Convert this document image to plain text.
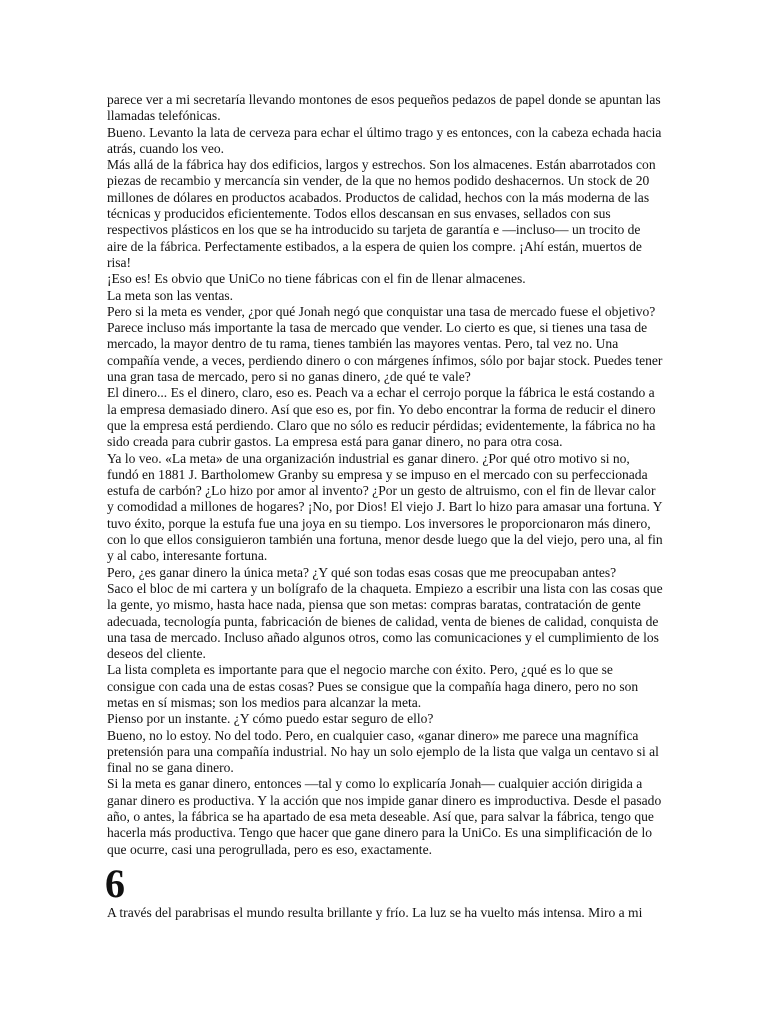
parece ver a mi secretaría llevando montones de esos pequeños pedazos de papel donde se apuntan las llamadas telefónicas.

Bueno. Levanto la lata de cerveza para echar el último trago y es entonces, con la cabeza echada hacia atrás, cuando los veo.

Más allá de la fábrica hay dos edificios, largos y estrechos. Son los almacenes. Están abarrotados con piezas de recambio y mercancía sin vender, de la que no hemos podido deshacernos. Un stock de 20 millones de dólares en productos acabados. Productos de calidad, hechos con la más moderna de las técnicas y producidos eficientemente. Todos ellos descansan en sus envases, sellados con sus respectivos plásticos en los que se ha introducido su tarjeta de garantía e —incluso— un trocito de aire de la fábrica. Perfectamente estibados, a la espera de quien los compre. ¡Ahí están, muertos de risa!

¡Eso es! Es obvio que UniCo no tiene fábricas con el fin de llenar almacenes.

La meta son las ventas.

Pero si la meta es vender, ¿por qué Jonah negó que conquistar una tasa de mercado fuese el objetivo? Parece incluso más importante la tasa de mercado que vender. Lo cierto es que, si tienes una tasa de mercado, la mayor dentro de tu rama, tienes también las mayores ventas. Pero, tal vez no. Una compañía vende, a veces, perdiendo dinero o con márgenes ínfimos, sólo por bajar stock. Puedes tener una gran tasa de mercado, pero si no ganas dinero, ¿de qué te vale?

El dinero... Es el dinero, claro, eso es. Peach va a echar el cerrojo porque la fábrica le está costando a la empresa demasiado dinero. Así que eso es, por fin. Yo debo encontrar la forma de reducir el dinero que la empresa está perdiendo. Claro que no sólo es reducir pérdidas; evidentemente, la fábrica no ha sido creada para cubrir gastos. La empresa está para ganar dinero, no para otra cosa.

Ya lo veo. «La meta» de una organización industrial es ganar dinero. ¿Por qué otro motivo si no, fundó en 1881 J. Bartholomew Granby su empresa y se impuso en el mercado con su perfeccionada estufa de carbón? ¿Lo hizo por amor al invento? ¿Por un gesto de altruismo, con el fin de llevar calor y comodidad a millones de hogares? ¡No, por Dios! El viejo J. Bart lo hizo para amasar una fortuna. Y tuvo éxito, porque la estufa fue una joya en su tiempo. Los inversores le proporcionaron más dinero, con lo que ellos consiguieron también una fortuna, menor desde luego que la del viejo, pero una, al fin y al cabo, interesante fortuna.

Pero, ¿es ganar dinero la única meta? ¿Y qué son todas esas cosas que me preocupaban antes?

Saco el bloc de mi cartera y un bolígrafo de la chaqueta. Empiezo a escribir una lista con las cosas que la gente, yo mismo, hasta hace nada, piensa que son metas: compras baratas, contratación de gente adecuada, tecnología punta, fabricación de bienes de calidad, venta de bienes de calidad, conquista de una tasa de mercado. Incluso añado algunos otros, como las comunicaciones y el cumplimiento de los deseos del cliente.

La lista completa es importante para que el negocio marche con éxito. Pero, ¿qué es lo que se consigue con cada una de estas cosas? Pues se consigue que la compañía haga dinero, pero no son metas en sí mismas; son los medios para alcanzar la meta.

Pienso por un instante. ¿Y cómo puedo estar seguro de ello?

Bueno, no lo estoy. No del todo. Pero, en cualquier caso, «ganar dinero» me parece una magnífica pretensión para una compañía industrial. No hay un solo ejemplo de la lista que valga un centavo si al final no se gana dinero.

Si la meta es ganar dinero, entonces —tal y como lo explicaría Jonah— cualquier acción dirigida a ganar dinero es productiva. Y la acción que nos impide ganar dinero es improductiva. Desde el pasado año, o antes, la fábrica se ha apartado de esa meta deseable. Así que, para salvar la fábrica, tengo que hacerla más productiva. Tengo que hacer que gane dinero para la UniCo. Es una simplificación de lo que ocurre, casi una perogrullada, pero es eso, exactamente.

6

A través del parabrisas el mundo resulta brillante y frío. La luz se ha vuelto más intensa. Miro a mi
